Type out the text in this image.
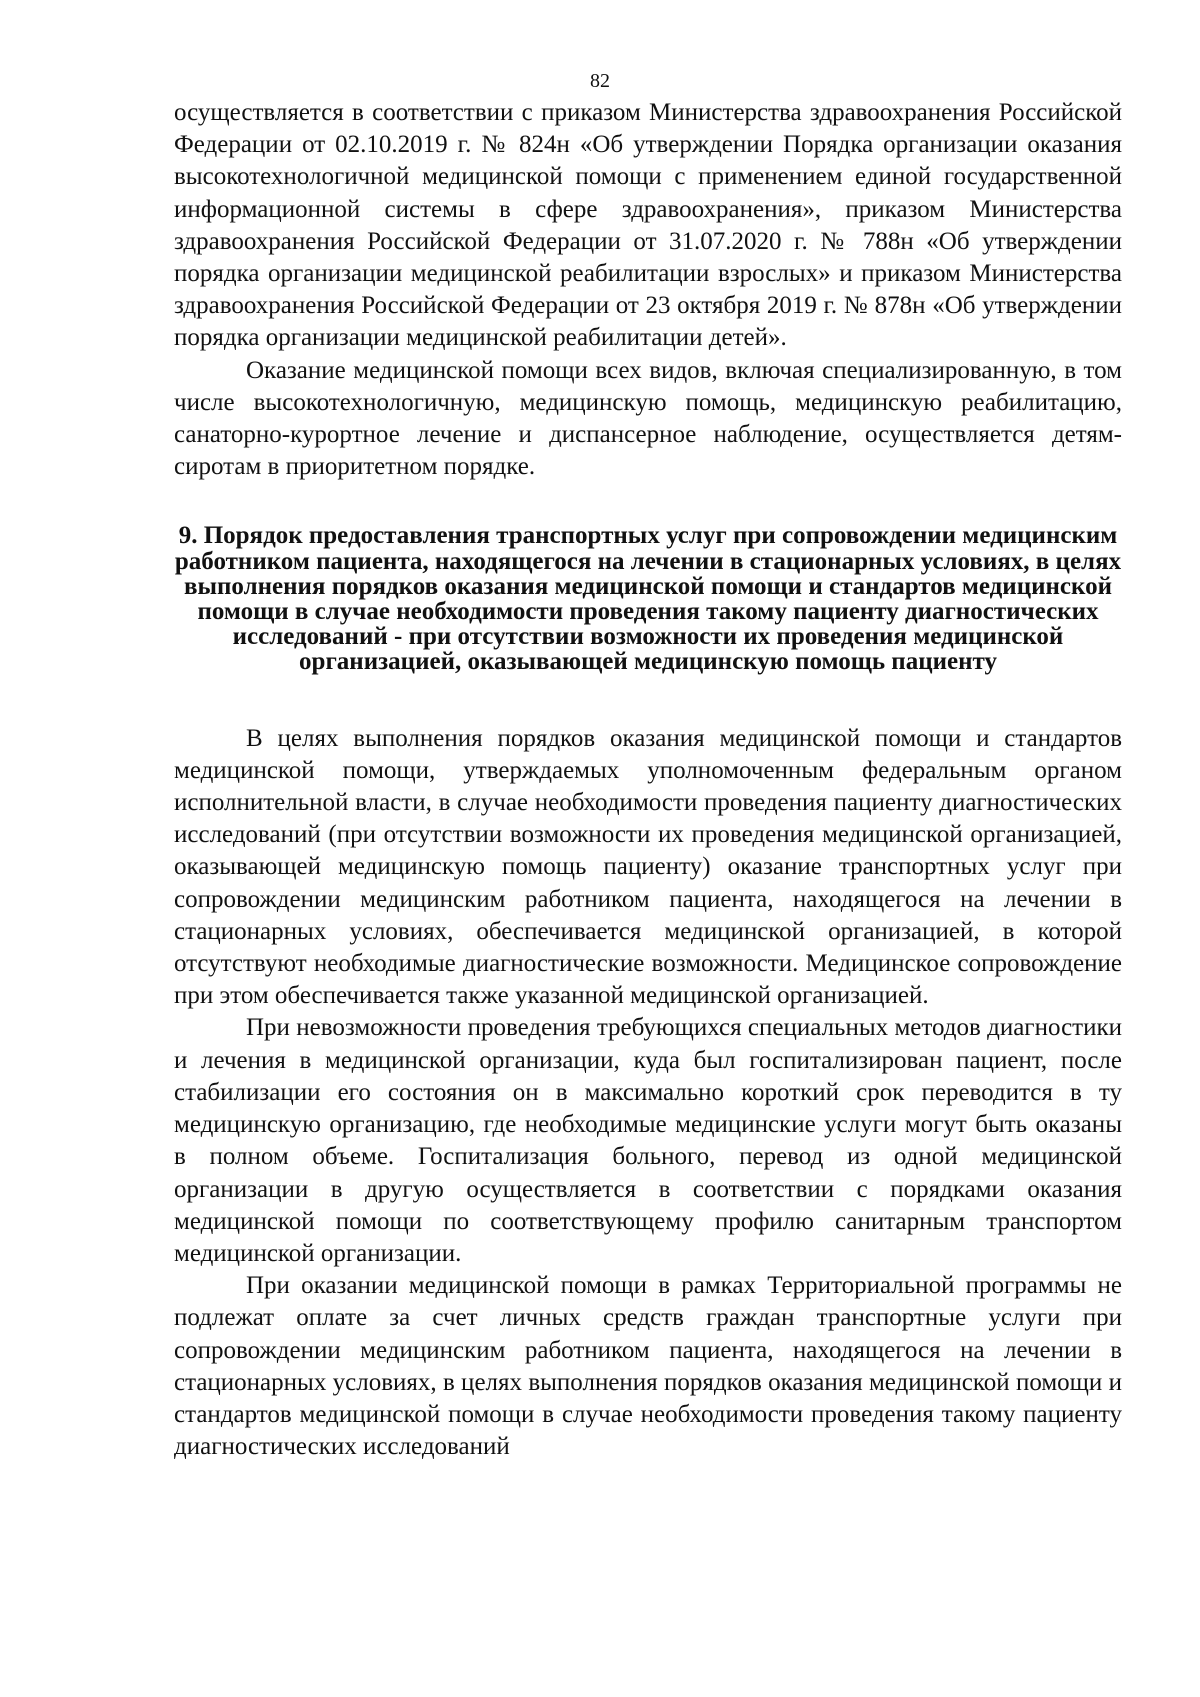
82

осуществляется в соответствии с приказом Министерства здравоохранения Российской Федерации от 02.10.2019 г. № 824н «Об утверждении Порядка организации оказания высокотехнологичной медицинской помощи с применением единой государственной информационной системы в сфере здравоохранения», приказом Министерства здравоохранения Российской Федерации от 31.07.2020 г. № 788н «Об утверждении порядка организации медицинской реабилитации взрослых» и приказом Министерства здравоохранения Российской Федерации от 23 октября 2019 г. № 878н «Об утверждении порядка организации медицинской реабилитации детей».

Оказание медицинской помощи всех видов, включая специализированную, в том числе высокотехнологичную, медицинскую помощь, медицинскую реабилитацию, санаторно-курортное лечение и диспансерное наблюдение, осуществляется детям-сиротам в приоритетном порядке.

9. Порядок предоставления транспортных услуг при сопровождении медицинским работником пациента, находящегося на лечении в стационарных условиях, в целях выполнения порядков оказания медицинской помощи и стандартов медицинской помощи в случае необходимости проведения такому пациенту диагностических исследований - при отсутствии возможности их проведения медицинской организацией, оказывающей медицинскую помощь пациенту

В целях выполнения порядков оказания медицинской помощи и стандартов медицинской помощи, утверждаемых уполномоченным федеральным органом исполнительной власти, в случае необходимости проведения пациенту диагностических исследований (при отсутствии возможности их проведения медицинской организацией, оказывающей медицинскую помощь пациенту) оказание транспортных услуг при сопровождении медицинским работником пациента, находящегося на лечении в стационарных условиях, обеспечивается медицинской организацией, в которой отсутствуют необходимые диагностические возможности. Медицинское сопровождение при этом обеспечивается также указанной медицинской организацией.

При невозможности проведения требующихся специальных методов диагностики и лечения в медицинской организации, куда был госпитализирован пациент, после стабилизации его состояния он в максимально короткий срок переводится в ту медицинскую организацию, где необходимые медицинские услуги могут быть оказаны в полном объеме. Госпитализация больного, перевод из одной медицинской организации в другую осуществляется в соответствии с порядками оказания медицинской помощи по соответствующему профилю санитарным транспортом медицинской организации.

При оказании медицинской помощи в рамках Территориальной программы не подлежат оплате за счет личных средств граждан транспортные услуги при сопровождении медицинским работником пациента, находящегося на лечении в стационарных условиях, в целях выполнения порядков оказания медицинской помощи и стандартов медицинской помощи в случае необходимости проведения такому пациенту диагностических исследований
